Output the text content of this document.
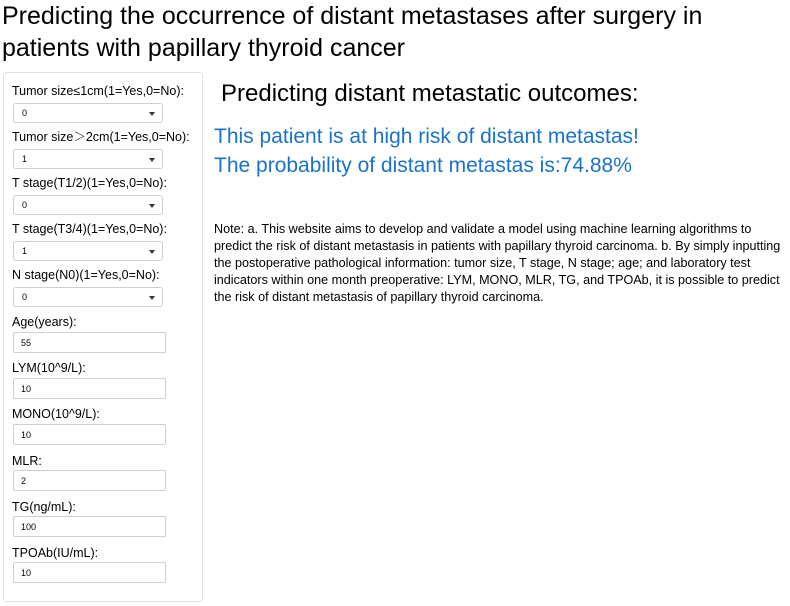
Predicting the occurrence of distant metastases after surgery in patients with papillary thyroid cancer
Tumor size≤1cm(1=Yes,0=No):
0
Tumor size＞2cm(1=Yes,0=No):
1
T stage(T1/2)(1=Yes,0=No):
0
T stage(T3/4)(1=Yes,0=No):
1
N stage(N0)(1=Yes,0=No):
0
Age(years):
55
LYM(10^9/L):
10
MONO(10^9/L):
10
MLR:
2
TG(ng/mL):
100
TPOAb(IU/mL):
10
Predicting distant metastatic outcomes:
This patient is at high risk of distant metastas!
The probability of distant metastas is:74.88%
Note: a. This website aims to develop and validate a model using machine learning algorithms to predict the risk of distant metastasis in patients with papillary thyroid carcinoma. b. By simply inputting the postoperative pathological information: tumor size, T stage, N stage; age; and laboratory test indicators within one month preoperative: LYM, MONO, MLR, TG, and TPOAb, it is possible to predict the risk of distant metastasis of papillary thyroid carcinoma.
